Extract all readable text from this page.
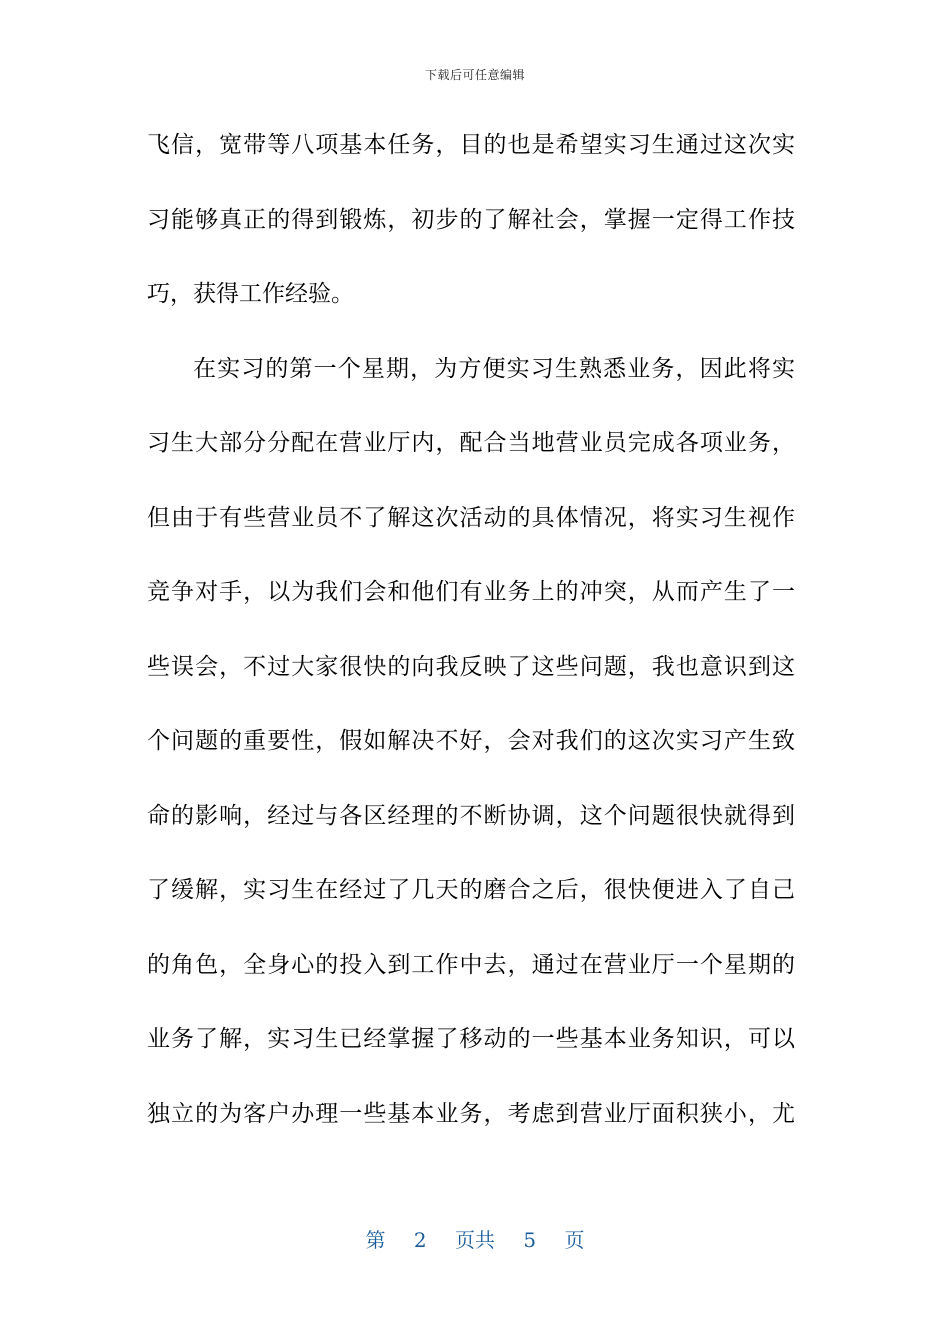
下载后可任意编辑
飞信，宽带等八项基本任务，目的也是希望实习生通过这次实
习能够真正的得到锻炼，初步的了解社会，掌握一定得工作技
巧，获得工作经验。
在实习的第一个星期，为方便实习生熟悉业务，因此将实
习生大部分分配在营业厅内，配合当地营业员完成各项业务，
但由于有些营业员不了解这次活动的具体情况，将实习生视作
竞争对手，以为我们会和他们有业务上的冲突，从而产生了一
些误会，不过大家很快的向我反映了这些问题，我也意识到这
个问题的重要性，假如解决不好，会对我们的这次实习产生致
命的影响，经过与各区经理的不断协调，这个问题很快就得到
了缓解，实习生在经过了几天的磨合之后，很快便进入了自己
的角色，全身心的投入到工作中去，通过在营业厅一个星期的
业务了解，实习生已经掌握了移动的一些基本业务知识，可以
独立的为客户办理一些基本业务，考虑到营业厅面积狭小，尤
第 2 页共 5 页
